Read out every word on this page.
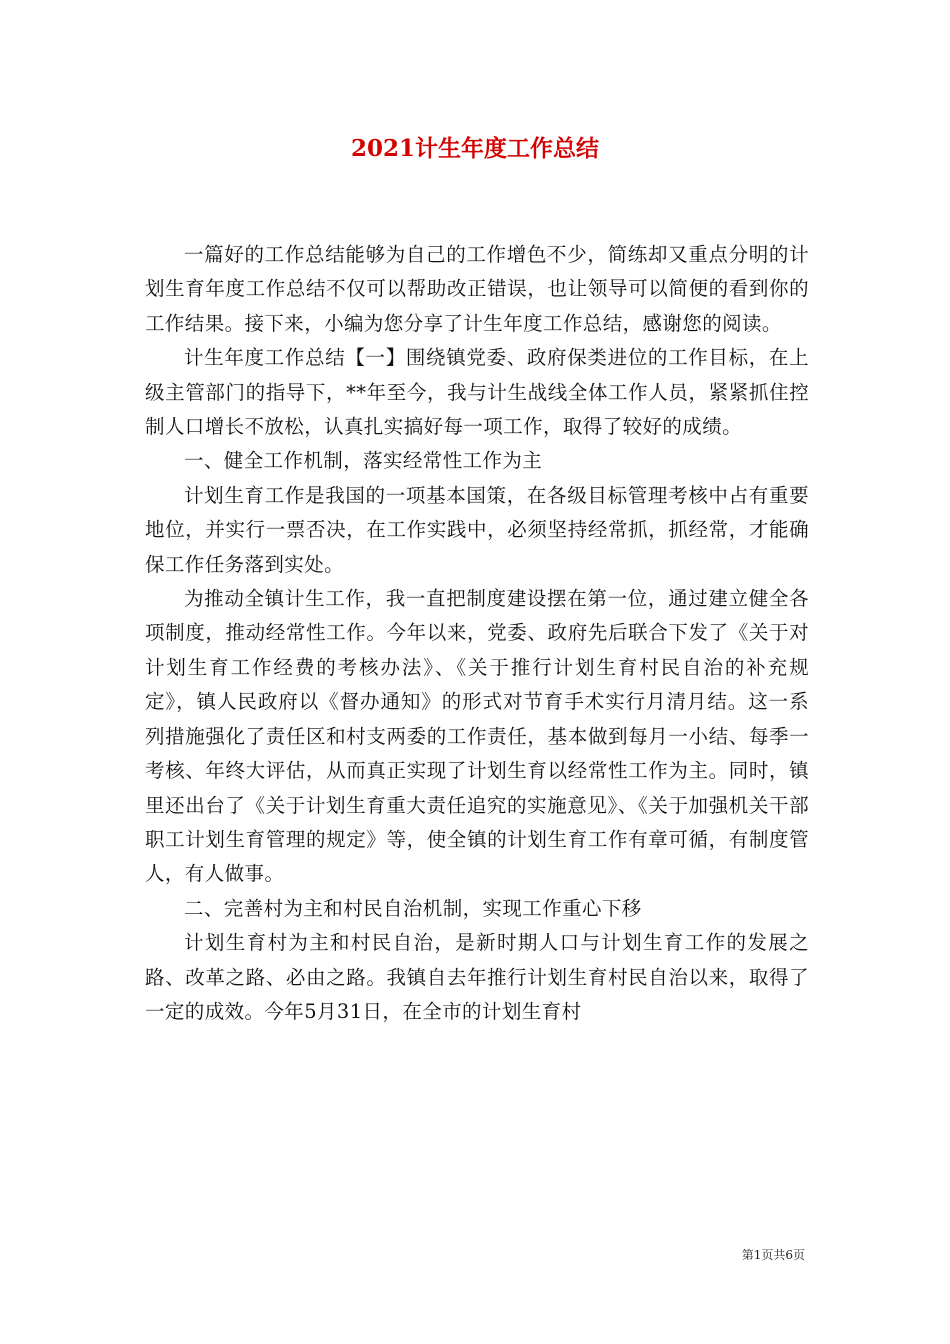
2021计生年度工作总结

一篇好的工作总结能够为自己的工作增色不少，简练却又重点分明的计划生育年度工作总结不仅可以帮助改正错误，也让领导可以简便的看到你的工作结果。接下来，小编为您分享了计生年度工作总结，感谢您的阅读。

计生年度工作总结【一】围绕镇党委、政府保类进位的工作目标，在上级主管部门的指导下，**年至今，我与计生战线全体工作人员，紧紧抓住控制人口增长不放松，认真扎实搞好每一项工作，取得了较好的成绩。

一、健全工作机制，落实经常性工作为主

计划生育工作是我国的一项基本国策，在各级目标管理考核中占有重要地位，并实行一票否决，在工作实践中，必须坚持经常抓，抓经常，才能确保工作任务落到实处。

为推动全镇计生工作，我一直把制度建设摆在第一位，通过建立健全各项制度，推动经常性工作。今年以来，党委、政府先后联合下发了《关于对计划生育工作经费的考核办法》、《关于推行计划生育村民自治的补充规定》，镇人民政府以《督办通知》的形式对节育手术实行月清月结。这一系列措施强化了责任区和村支两委的工作责任，基本做到每月一小结、每季一考核、年终大评估，从而真正实现了计划生育以经常性工作为主。同时，镇里还出台了《关于计划生育重大责任追究的实施意见》、《关于加强机关干部职工计划生育管理的规定》等，使全镇的计划生育工作有章可循，有制度管人，有人做事。

二、完善村为主和村民自治机制，实现工作重心下移

计划生育村为主和村民自治，是新时期人口与计划生育工作的发展之路、改革之路、必由之路。我镇自去年推行计划生育村民自治以来，取得了一定的成效。今年5月31日，在全市的计划生育村

第1页共6页
